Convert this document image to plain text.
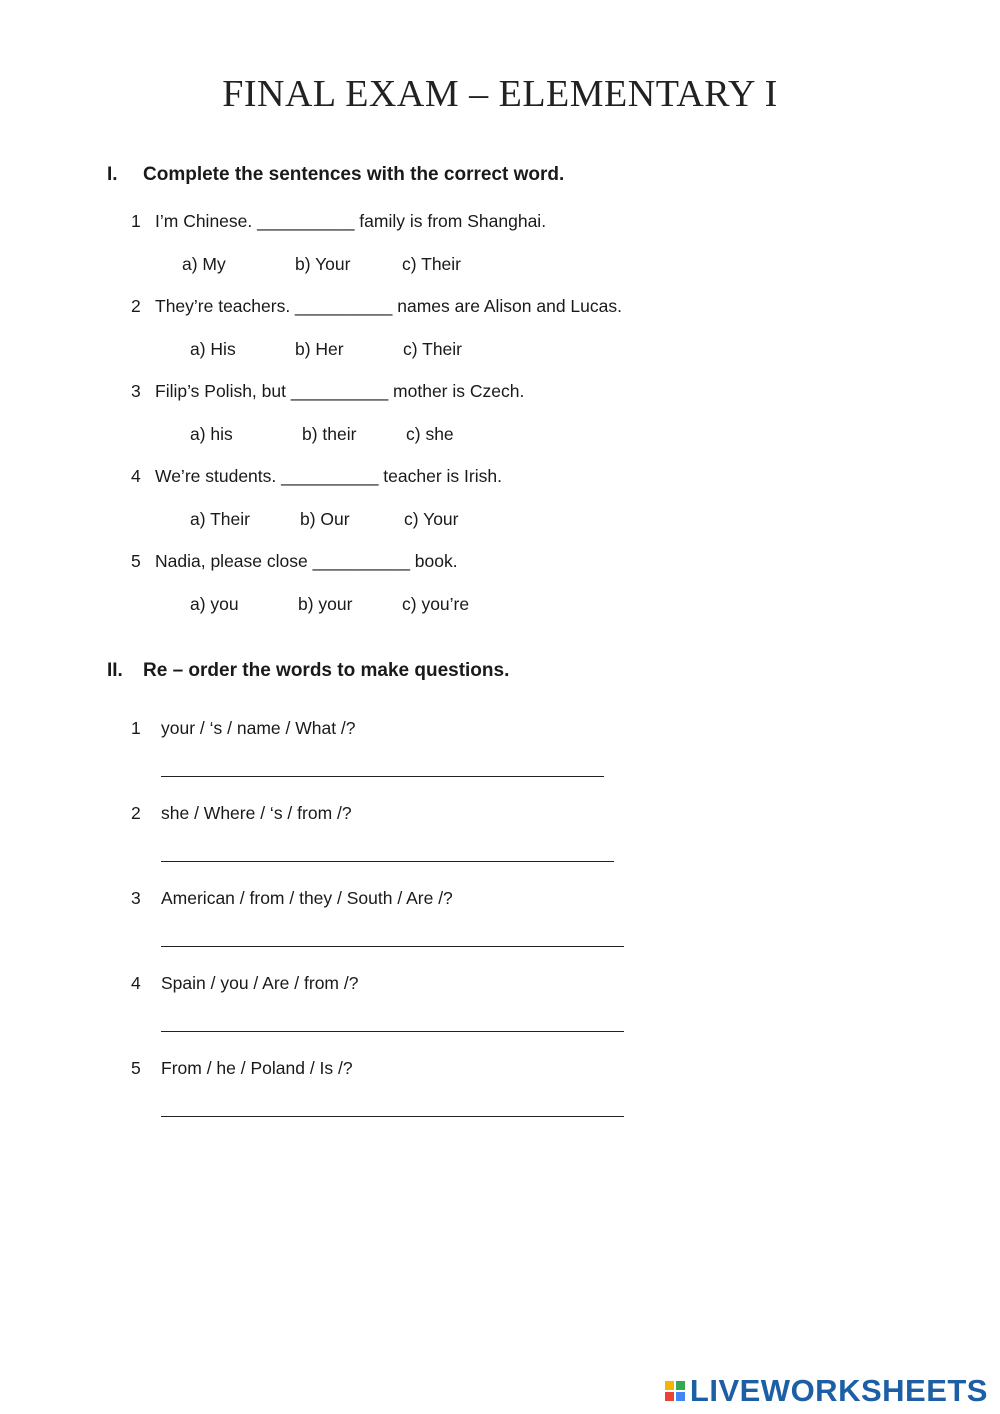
FINAL EXAM – ELEMENTARY I
I. Complete the sentences with the correct word.
1 I’m Chinese. __________ family is from Shanghai.
a) My	b) Your	c) Their
2 They’re teachers. __________ names are Alison and Lucas.
a) His	b) Her	c) Their
3 Filip’s Polish, but __________ mother is Czech.
a) his	b) their	c) she
4 We’re students. __________ teacher is Irish.
a) Their	b) Our	c) Your
5 Nadia, please close __________ book.
a) you	b) your	c) you’re
II. Re – order the words to make questions.
1 your / ‘s / name / What /?
2 she / Where / ‘s / from /?
3 American / from / they / South / Are /?
4 Spain / you / Are / from /?
5 From / he / Poland / Is /?
LIVEWORKSHEETS
